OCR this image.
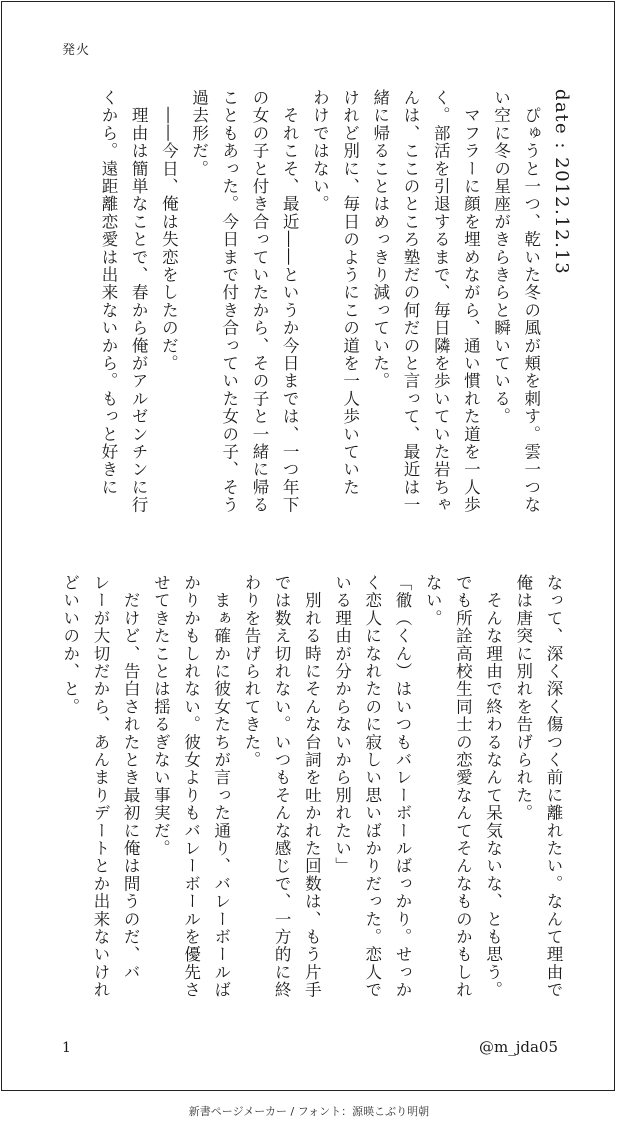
発火
date : 2012.12.13
　ぴゅうと一つ、乾いた冬の風が頬を刺す。雲一つな
い空に冬の星座がきらきらと瞬いている。
　マフラーに顔を埋めながら、通い慣れた道を一人歩
く。部活を引退するまで、毎日隣を歩いていた岩ちゃ
んは、ここのところ塾だの何だのと言って、最近は一
緒に帰ることはめっきり減っていた。
けれど別に、毎日のようにこの道を一人歩いていた
わけではない。
　それこそ、最近――というか今日までは、一つ年下
の女の子と付き合っていたから、その子と一緒に帰る
こともあった。今日まで付き合っていた女の子、そう
過去形だ。
　――今日、俺は失恋をしたのだ。
　理由は簡単なことで、春から俺がアルゼンチンに行
くから。遠距離恋愛は出来ないから。もっと好きに
なって、深く深く傷つく前に離れたい。なんて理由で
俺は唐突に別れを告げられた。
　そんな理由で終わるなんて呆気ないな、とも思う。
でも所詮高校生同士の恋愛なんてそんなものかもしれ
ない。
「徹（くん）はいつもバレーボールばっかり。せっか
く恋人になれたのに寂しい思いばかりだった。恋人で
いる理由が分からないから別れたい」
　別れる時にそんな台詞を吐かれた回数は、もう片手
では数え切れない。いつもそんな感じで、一方的に終
わりを告げられてきた。
　まぁ確かに彼女たちが言った通り、バレーボールば
かりかもしれない。彼女よりもバレーボールを優先さ
せてきたことは揺るぎない事実だ。
　だけど、告白されたとき最初に俺は問うのだ、バ
レーが大切だから、あんまりデートとか出来ないけれ
どいいのか、と。
1	@m_jda05
新書ページメーカー / フォント：源暎こぶり明朝
